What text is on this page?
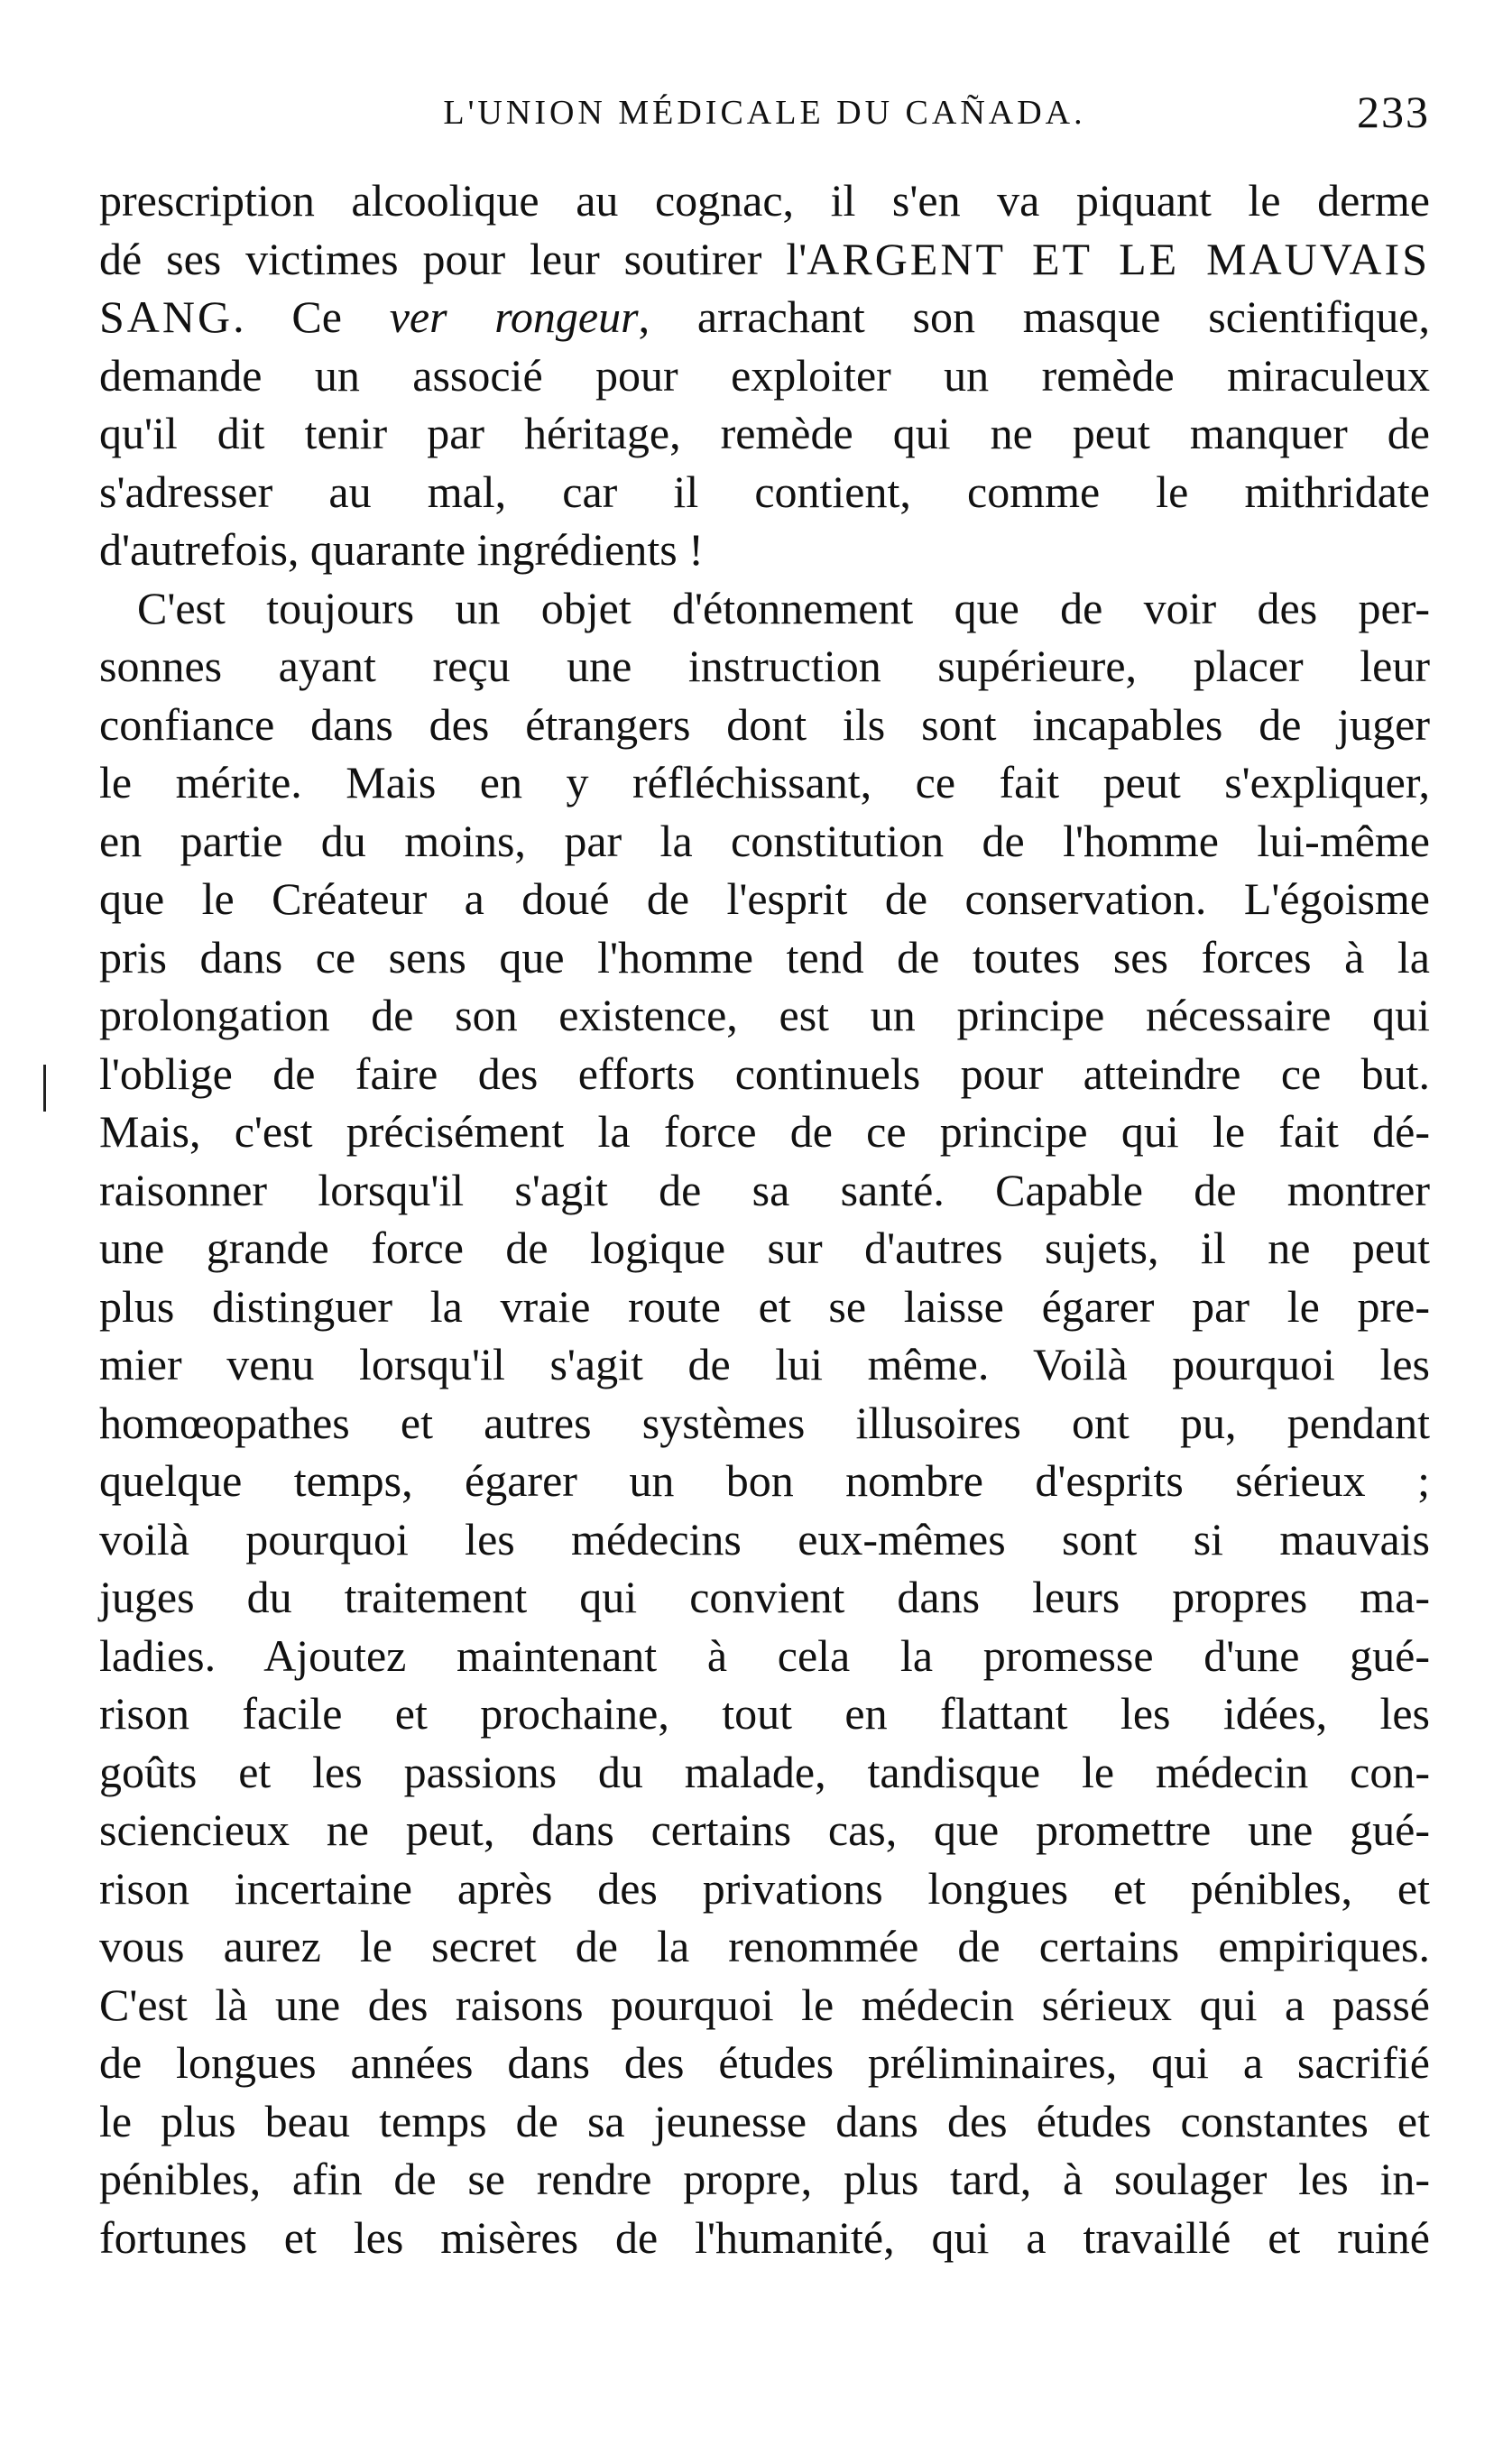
L'UNION MÉDICALE DU CAÑADA.	233
prescription alcoolique au cognac, il s'en va piquant le derme
dé ses victimes pour leur soutirer l'ARGENT ET LE MAUVAIS
SANG. Ce ver rongeur, arrachant son masque scientifique,
demande un associé pour exploiter un remède miraculeux
qu'il dit tenir par héritage, remède qui ne peut manquer de
s'adresser au mal, car il contient, comme le mithridate
d'autrefois, quarante ingrédients !
C'est toujours un objet d'étonnement que de voir des per-
sonnes ayant reçu une instruction supérieure, placer leur
confiance dans des étrangers dont ils sont incapables de juger
le mérite. Mais en y réfléchissant, ce fait peut s'expliquer,
en partie du moins, par la constitution de l'homme lui-même
que le Créateur a doué de l'esprit de conservation. L'égoisme
pris dans ce sens que l'homme tend de toutes ses forces à la
prolongation de son existence, est un principe nécessaire qui
l'oblige de faire des efforts continuels pour atteindre ce but.
Mais, c'est précisément la force de ce principe qui le fait dé-
raisonner lorsqu'il s'agit de sa santé. Capable de montrer
une grande force de logique sur d'autres sujets, il ne peut
plus distinguer la vraie route et se laisse égarer par le pre-
mier venu lorsqu'il s'agit de lui même. Voilà pourquoi les
homœopathes et autres systèmes illusoires ont pu, pendant
quelque temps, égarer un bon nombre d'esprits sérieux ;
voilà pourquoi les médecins eux-mêmes sont si mauvais
juges du traitement qui convient dans leurs propres ma-
ladies. Ajoutez maintenant à cela la promesse d'une gué-
rison facile et prochaine, tout en flattant les idées, les
goûts et les passions du malade, tandisque le médecin con-
sciencieux ne peut, dans certains cas, que promettre une gué-
rison incertaine après des privations longues et pénibles, et
vous aurez le secret de la renommée de certains empiriques.
C'est là une des raisons pourquoi le médecin sérieux qui a passé
de longues années dans des études préliminaires, qui a sacrifié
le plus beau temps de sa jeunesse dans des études constantes et
pénibles, afin de se rendre propre, plus tard, à soulager les in-
fortunes et les misères de l'humanité, qui a travaillé et ruiné
